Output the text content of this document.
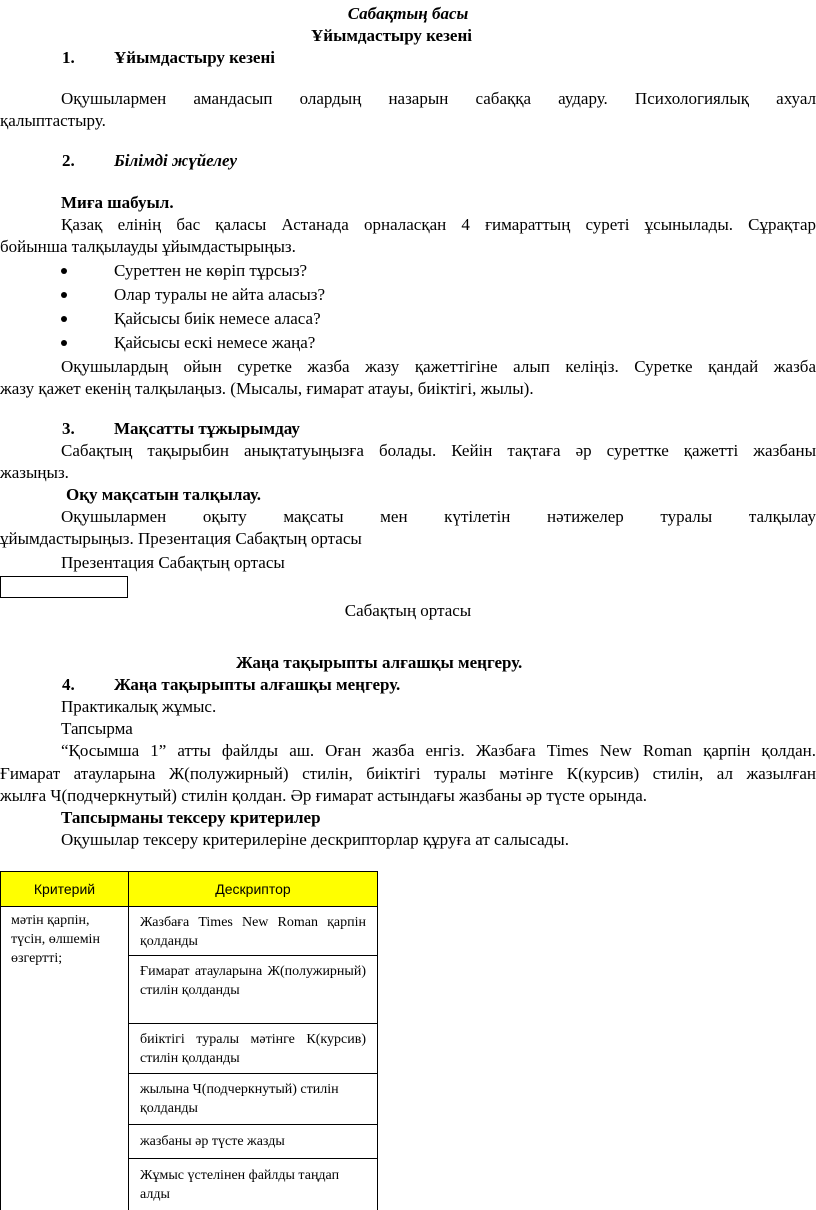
Сабақтың басы
Ұйымдастыру кезені
1. Ұйымдастыру кезені
Оқушылармен амандасып олардың назарын сабаққа аудару. Психологиялық ахуал
қалыптастыру.
2. Білімді жүйелеу
Миға шабуыл.
Қазақ елінің бас қаласы Астанада орналасқан 4 ғимараттың суреті ұсынылады. Сұрақтар
бойынша талқылауды ұйымдастырыңыз.
Суреттен не көріп тұрсыз?
Олар туралы не айта аласыз?
Қайсысы биік немесе аласа?
Қайсысы ескі немесе жаңа?
Оқушылардың ойын суретке жазба жазу қажеттігіне алып келіңіз. Суретке қандай жазба
жазу қажет екенің талқылаңыз. (Мысалы, ғимарат атауы, биіктігі, жылы).
3. Мақсатты тұжырымдау
Сабақтың тақырыбин анықтатуыңызға болады. Кейін тақтаға әр суреттке қажетті жазбаны
жазыңыз.
Оқу мақсатын талқылау.
Оқушылармен оқыту мақсаты мен күтілетін нәтижелер туралы талқылау
ұйымдастырыңыз. Презентация Сабақтың ортасы
Презентация Сабақтың ортасы
Сабақтың ортасы
Жаңа тақырыпты алғашқы меңгеру.
4. Жаңа тақырыпты алғашқы меңгеру.
Практикалық жұмыс.
Тапсырма
“Қосымша 1” атты файлды аш. Оған жазба енгіз. Жазбаға Times New Roman қарпін қолдан.
Ғимарат атауларына Ж(полужирный) стилін, биіктігі туралы мәтінге К(курсив) стилін, ал жазылған
жылға Ч(подчеркнутый) стилін қолдан. Әр ғимарат астындағы жазбаны әр түсте орында.
Тапсырманы тексеру критерилер
Оқушылар тексеру критерилеріне дескрипторлар құруға ат салысады.
Критерий	Дескриптор
мәтін қарпін, түсін, өлшемін өзгертті;
Жазбаға Times New Roman қарпін қолданды
Ғимарат атауларына Ж(полужирный) стилін қолданды
биіктігі туралы мәтінге К(курсив) стилін қолданды
жылына Ч(подчеркнутый) стилін қолданды
жазбаны әр түсте жазды
Жұмыс үстелінен файлды таңдап алды
